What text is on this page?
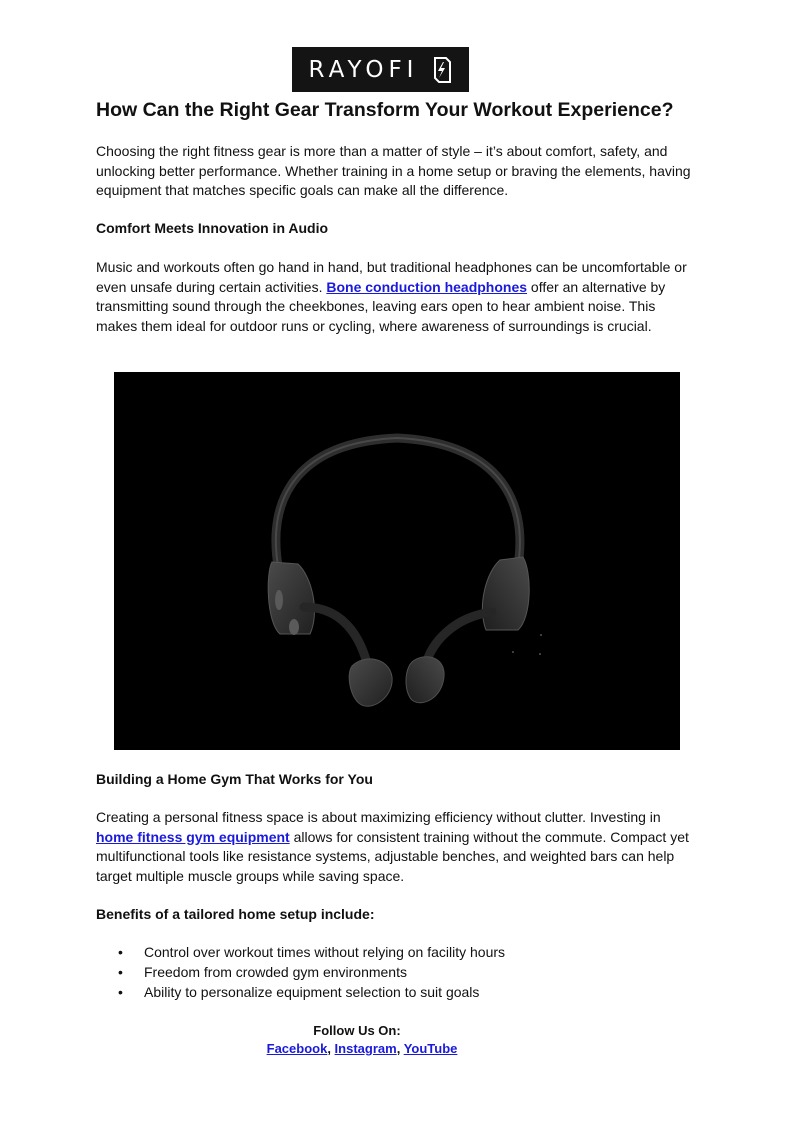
RAYOFI
How Can the Right Gear Transform Your Workout Experience?

Choosing the right fitness gear is more than a matter of style – it’s about comfort, safety, and unlocking better performance. Whether training in a home setup or braving the elements, having equipment that matches specific goals can make all the difference.

Comfort Meets Innovation in Audio

Music and workouts often go hand in hand, but traditional headphones can be uncomfortable or even unsafe during certain activities. Bone conduction headphones offer an alternative by transmitting sound through the cheekbones, leaving ears open to hear ambient noise. This makes them ideal for outdoor runs or cycling, where awareness of surroundings is crucial.

Building a Home Gym That Works for You

Creating a personal fitness space is about maximizing efficiency without clutter. Investing in home fitness gym equipment allows for consistent training without the commute. Compact yet multifunctional tools like resistance systems, adjustable benches, and weighted bars can help target multiple muscle groups while saving space.

Benefits of a tailored home setup include:

• Control over workout times without relying on facility hours
• Freedom from crowded gym environments
• Ability to personalize equipment selection to suit goals
Follow Us On:
Facebook, Instagram, YouTube
